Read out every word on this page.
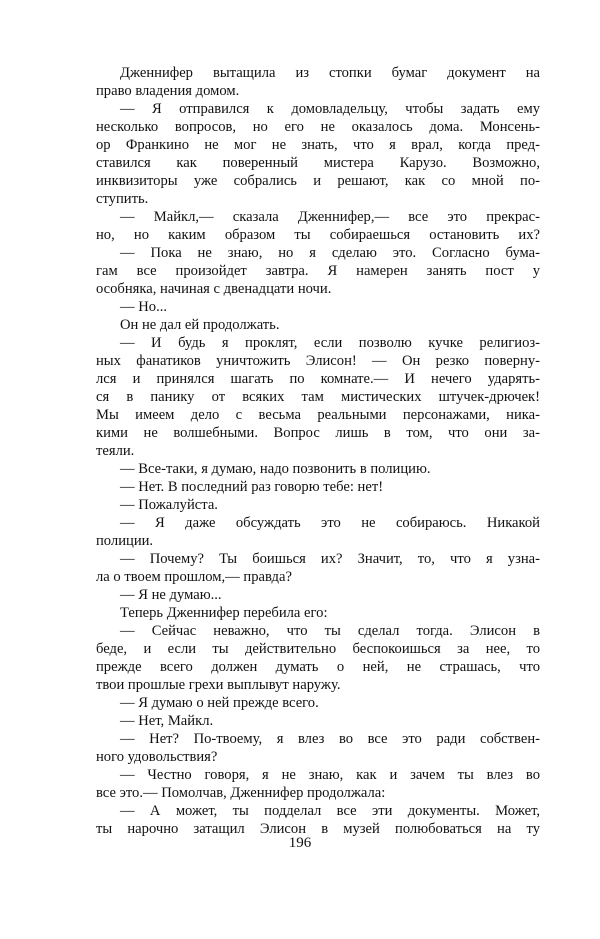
Дженнифер вытащила из стопки бумаг документ на
право владения домом.
— Я отправился к домовладельцу, чтобы задать ему
несколько вопросов, но его не оказалось дома. Монсень-
ор Франкино не мог не знать, что я врал, когда пред-
ставился как поверенный мистера Карузо. Возможно,
инквизиторы уже собрались и решают, как со мной по-
ступить.
— Майкл,— сказала Дженнифер,— все это прекрас-
но, но каким образом ты собираешься остановить их?
— Пока не знаю, но я сделаю это. Согласно бума-
гам все произойдет завтра. Я намерен занять пост у
особняка, начиная с двенадцати ночи.
— Но...
Он не дал ей продолжать.
— И будь я проклят, если позволю кучке религиоз-
ных фанатиков уничтожить Элисон! — Он резко поверну-
лся и принялся шагать по комнате.— И нечего ударять-
ся в панику от всяких там мистических штучек-дрючек!
Мы имеем дело с весьма реальными персонажами, ника-
кими не волшебными. Вопрос лишь в том, что они за-
теяли.
— Все-таки, я думаю, надо позвонить в полицию.
— Нет. В последний раз говорю тебе: нет!
— Пожалуйста.
— Я даже обсуждать это не собираюсь. Никакой
полиции.
— Почему? Ты боишься их? Значит, то, что я узна-
ла о твоем прошлом,— правда?
— Я не думаю...
Теперь Дженнифер перебила его:
— Сейчас неважно, что ты сделал тогда. Элисон в
беде, и если ты действительно беспокоишься за нее, то
прежде всего должен думать о ней, не страшась, что
твои прошлые грехи выплывут наружу.
— Я думаю о ней прежде всего.
— Нет, Майкл.
— Нет? По-твоему, я влез во все это ради собствен-
ного удовольствия?
— Честно говоря, я не знаю, как и зачем ты влез во
все это.— Помолчав, Дженнифер продолжала:
— А может, ты подделал все эти документы. Может,
ты нарочно затащил Элисон в музей полюбоваться на ту
196
